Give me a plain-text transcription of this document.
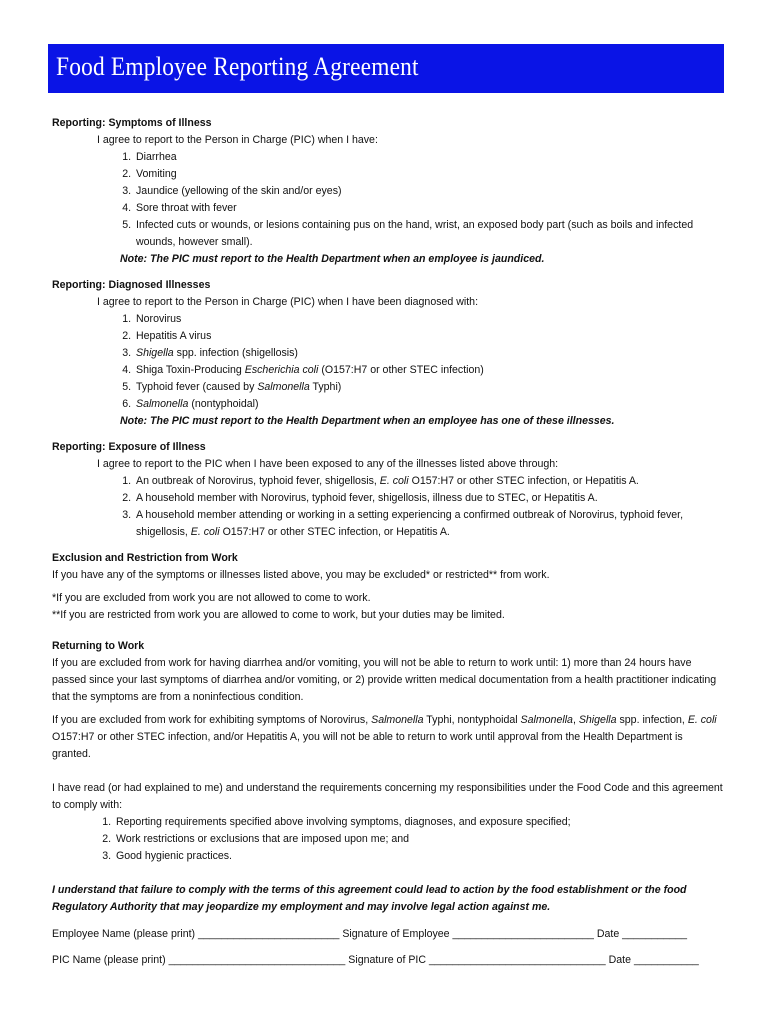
Food Employee Reporting Agreement

Reporting: Symptoms of Illness

I agree to report to the Person in Charge (PIC) when I have:

1. Diarrhea
2. Vomiting
3. Jaundice (yellowing of the skin and/or eyes)
4. Sore throat with fever
5. Infected cuts or wounds, or lesions containing pus on the hand, wrist, an exposed body part (such as boils and infected wounds, however small).

Note: The PIC must report to the Health Department when an employee is jaundiced.

Reporting: Diagnosed Illnesses

I agree to report to the Person in Charge (PIC) when I have been diagnosed with:

1. Norovirus
2. Hepatitis A virus
3. Shigella spp. infection (shigellosis)
4. Shiga Toxin-Producing Escherichia coli (O157:H7 or other STEC infection)
5. Typhoid fever (caused by Salmonella Typhi)
6. Salmonella (nontyphoidal)

Note: The PIC must report to the Health Department when an employee has one of these illnesses.

Reporting: Exposure of Illness

I agree to report to the PIC when I have been exposed to any of the illnesses listed above through:

1. An outbreak of Norovirus, typhoid fever, shigellosis, E. coli O157:H7 or other STEC infection, or Hepatitis A.
2. A household member with Norovirus, typhoid fever, shigellosis, illness due to STEC, or Hepatitis A.
3. A household member attending or working in a setting experiencing a confirmed outbreak of Norovirus, typhoid fever, shigellosis, E. coli O157:H7 or other STEC infection, or Hepatitis A.

Exclusion and Restriction from Work

If you have any of the symptoms or illnesses listed above, you may be excluded* or restricted** from work.

*If you are excluded from work you are not allowed to come to work.

**If you are restricted from work you are allowed to come to work, but your duties may be limited.

Returning to Work

If you are excluded from work for having diarrhea and/or vomiting, you will not be able to return to work until: 1) more than 24 hours have passed since your last symptoms of diarrhea and/or vomiting, or 2) provide written medical documentation from a health practitioner indicating that the symptoms are from a noninfectious condition.

If you are excluded from work for exhibiting symptoms of Norovirus, Salmonella Typhi, nontyphoidal Salmonella, Shigella spp. infection, E. coli O157:H7 or other STEC infection, and/or Hepatitis A, you will not be able to return to work until approval from the Health Department is granted.

I have read (or had explained to me) and understand the requirements concerning my responsibilities under the Food Code and this agreement to comply with:

1. Reporting requirements specified above involving symptoms, diagnoses, and exposure specified;
2. Work restrictions or exclusions that are imposed upon me; and
3. Good hygienic practices.

I understand that failure to comply with the terms of this agreement could lead to action by the food establishment or the food Regulatory Authority that may jeopardize my employment and may involve legal action against me.

Employee Name (please print) ________________________ Signature of Employee ________________________ Date ___________

PIC Name (please print) ______________________________ Signature of PIC ______________________________ Date ___________
